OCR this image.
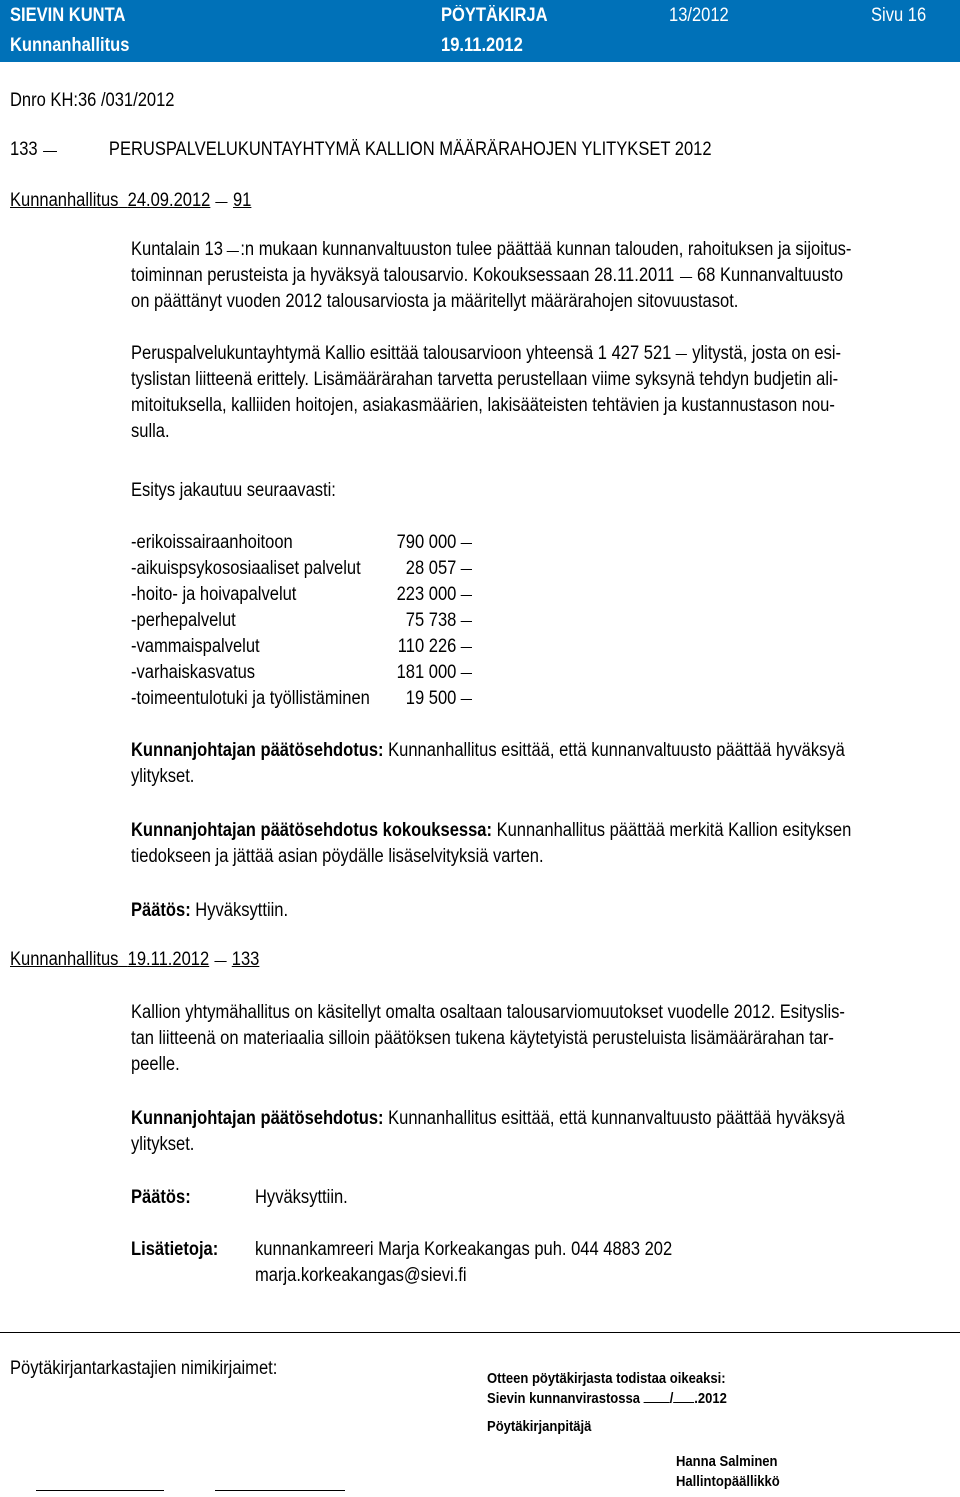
SIEVIN KUNTA	PÖYTÄKIRJA	13/2012	Sivu 16
Kunnanhallitus	19.11.2012
Dnro KH:36 /031/2012
133	PERUSPALVELUKUNTAYHTYMÄ KALLION MÄÄRÄRAHOJEN YLITYKSET 2012
Kunnanhallitus 24.09.2012 91
Kuntalain 13 :n mukaan kunnanvaltuuston tulee päättää kunnan talouden, rahoituksen ja sijoitus-
toiminnan perusteista ja hyväksyä talousarvio. Kokouksessaan 28.11.2011 68 Kunnanvaltuusto
on päättänyt vuoden 2012 talousarviosta ja määritellyt määrärahojen sitovuustasot.
Peruspalvelukuntayhtymä Kallio esittää talousarvioon yhteensä 1 427 521 ylitystä, josta on esi-
tyslistan liitteenä erittely. Lisämäärärahan tarvetta perustellaan viime syksynä tehdyn budjetin ali-
mitoituksella, kalliiden hoitojen, asiakasmäärien, lakisääteisten tehtävien ja kustannustason nou-
sulla.
Esitys jakautuu seuraavasti:
-erikoissairaanhoitoon	790 000
-aikuispsykososiaaliset palvelut	28 057
-hoito- ja hoivapalvelut	223 000
-perhepalvelut	75 738
-vammaispalvelut	110 226
-varhaiskasvatus	181 000
-toimeentulotuki ja työllistäminen	19 500
Kunnanjohtajan päätösehdotus: Kunnanhallitus esittää, että kunnanvaltuusto päättää hyväksyä
ylitykset.
Kunnanjohtajan päätösehdotus kokouksessa: Kunnanhallitus päättää merkitä Kallion esityksen
tiedokseen ja jättää asian pöydälle lisäselvityksiä varten.
Päätös: Hyväksyttiin.
Kunnanhallitus 19.11.2012 133
Kallion yhtymähallitus on käsitellyt omalta osaltaan talousarviomuutokset vuodelle 2012. Esityslis-
tan liitteenä on materiaalia silloin päätöksen tukena käytetyistä perusteluista lisämäärärahan tar-
peelle.
Kunnanjohtajan päätösehdotus: Kunnanhallitus esittää, että kunnanvaltuusto päättää hyväksyä
ylitykset.
Päätös:	Hyväksyttiin.
Lisätietoja: kunnankamreeri Marja Korkeakangas puh. 044 4883 202
marja.korkeakangas@sievi.fi
Pöytäkirjantarkastajien nimikirjaimet:	Otteen pöytäkirjasta todistaa oikeaksi:
Sievin kunnanvirastossa / .2012
Pöytäkirjanpitäjä
Hanna Salminen
Hallintopäällikkö
